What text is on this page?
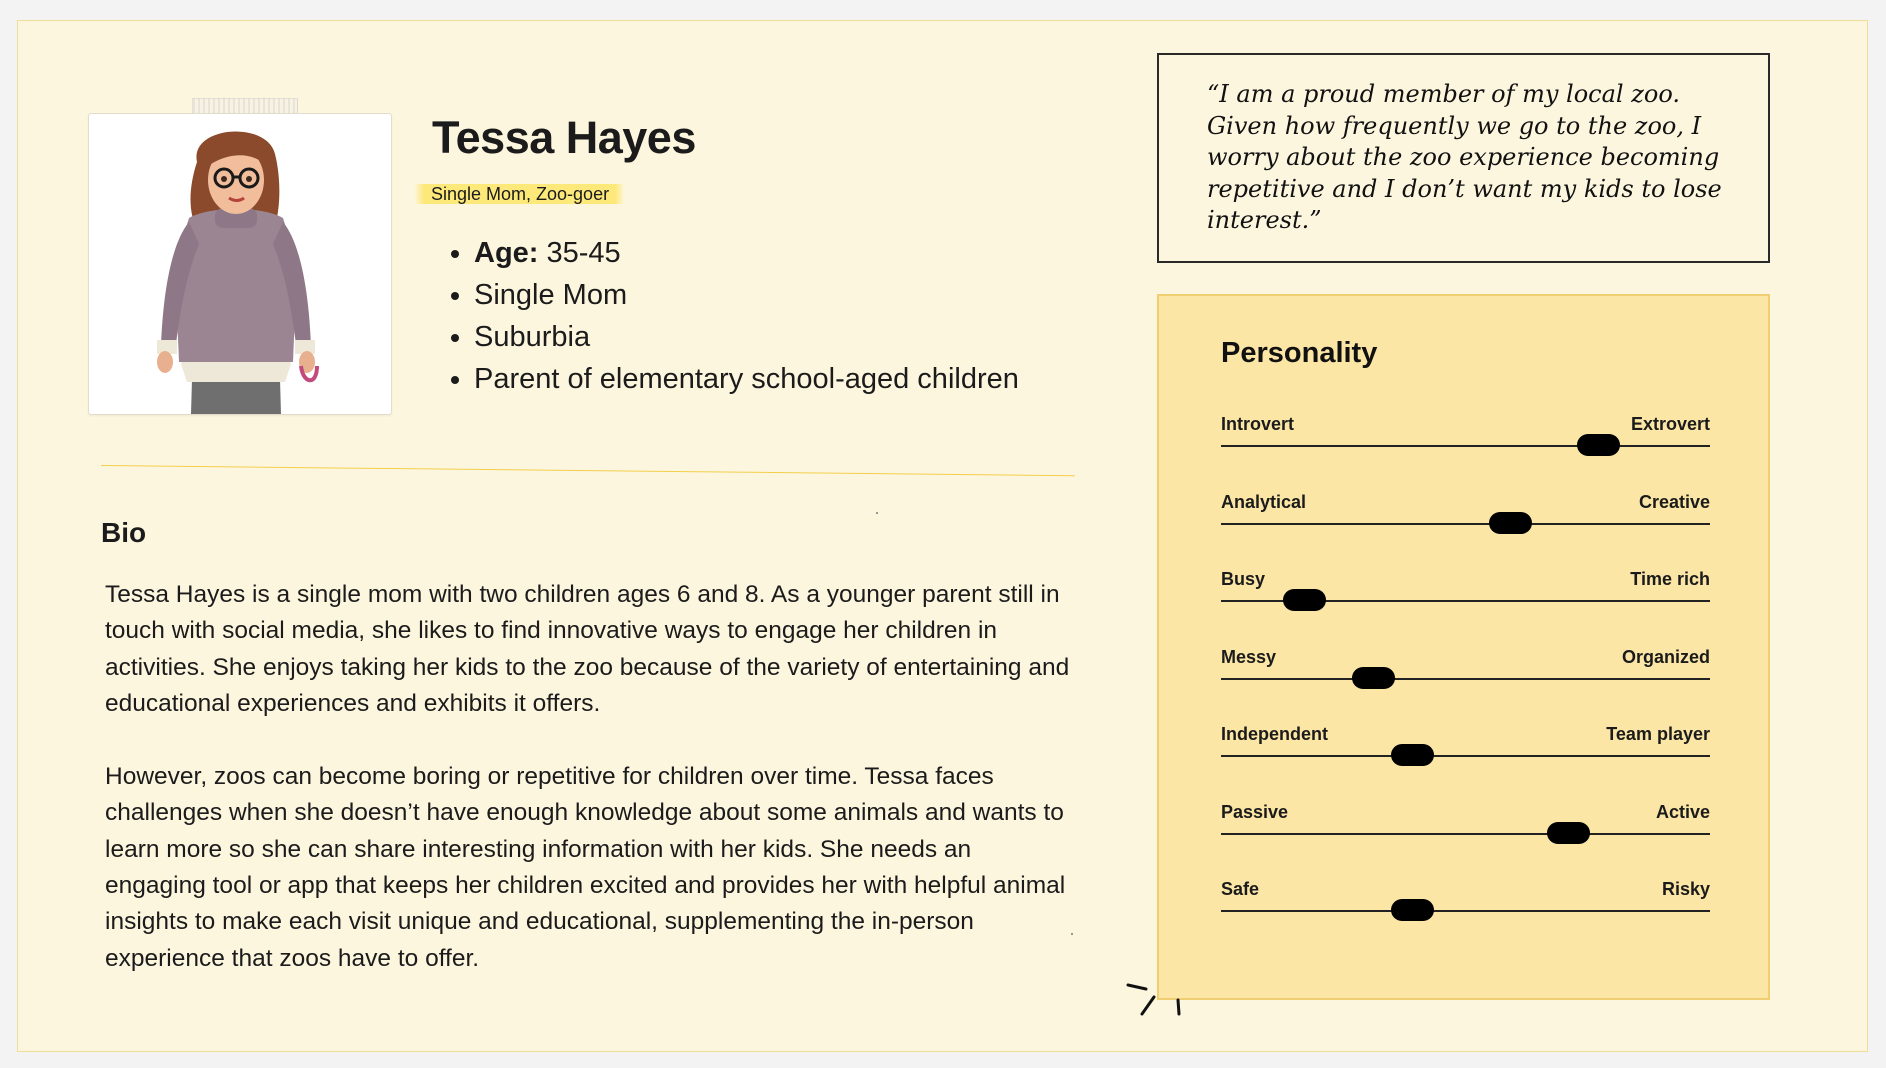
Tessa Hayes
Single Mom, Zoo-goer
• Age: 35-45
• Single Mom
• Suburbia
• Parent of elementary school-aged children
Bio

Tessa Hayes is a single mom with two children ages 6 and 8. As a younger parent still in touch with social media, she likes to find innovative ways to engage her children in activities. She enjoys taking her kids to the zoo because of the variety of entertaining and educational experiences and exhibits it offers.

However, zoos can become boring or repetitive for children over time. Tessa faces challenges when she doesn’t have enough knowledge about some animals and wants to learn more so she can share interesting information with her kids. She needs an engaging tool or app that keeps her children excited and provides her with helpful animal insights to make each visit unique and educational, supplementing the in-person experience that zoos have to offer.

“I am a proud member of my local zoo. Given how frequently we go to the zoo, I worry about the zoo experience becoming repetitive and I don’t want my kids to lose interest.”
Personality
Introvert	Extrovert
Analytical	Creative
Busy	Time rich
Messy	Organized
Independent	Team player
Passive	Active
Safe	Risky
